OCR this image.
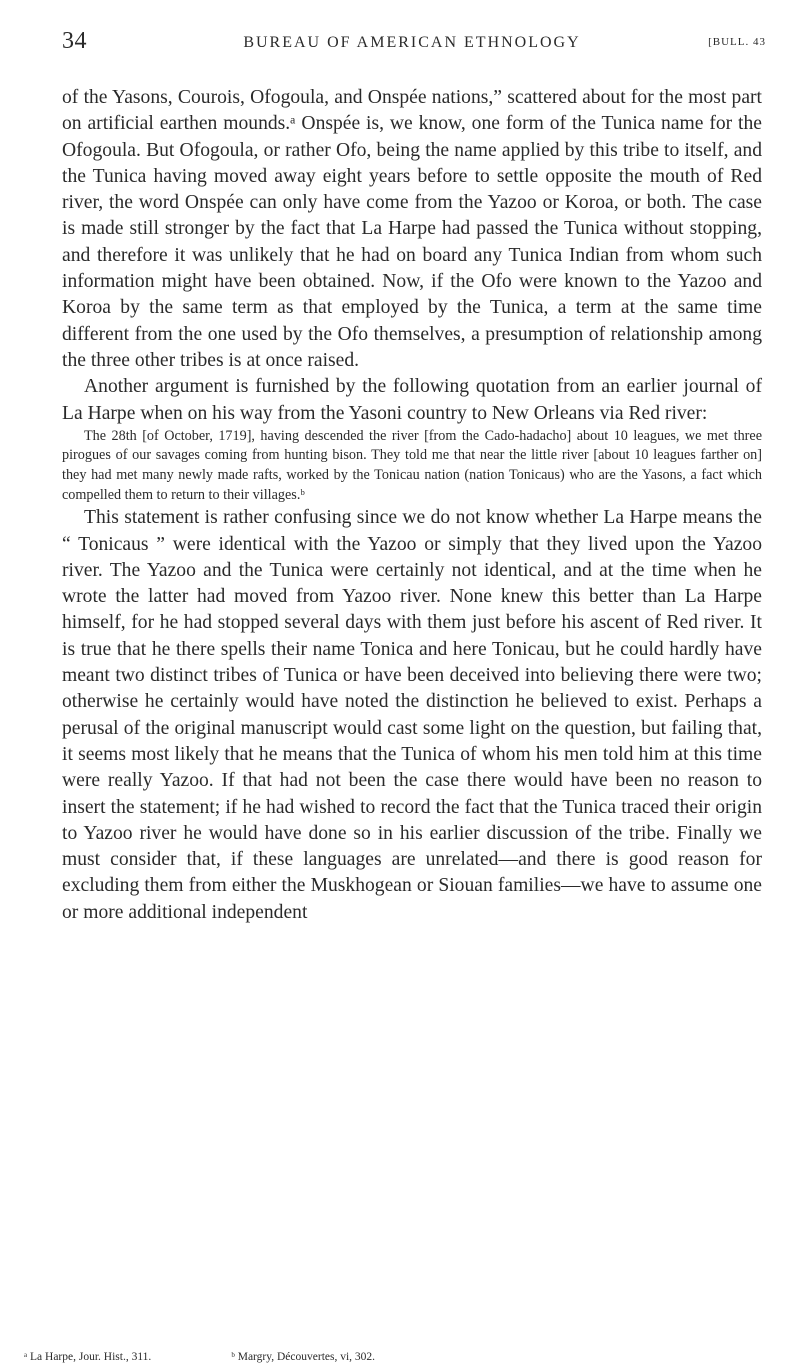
34	BUREAU OF AMERICAN ETHNOLOGY	[BULL. 43

of the Yasons, Courois, Ofogoula, and Onspée nations,” scattered about for the most part on artificial earthen mounds.ᵃ Onspée is, we know, one form of the Tunica name for the Ofogoula. But Ofogoula, or rather Ofo, being the name applied by this tribe to itself, and the Tunica having moved away eight years before to settle opposite the mouth of Red river, the word Onspée can only have come from the Yazoo or Koroa, or both. The case is made still stronger by the fact that La Harpe had passed the Tunica without stopping, and therefore it was unlikely that he had on board any Tunica Indian from whom such information might have been obtained. Now, if the Ofo were known to the Yazoo and Koroa by the same term as that employed by the Tunica, a term at the same time different from the one used by the Ofo themselves, a presumption of relationship among the three other tribes is at once raised.

Another argument is furnished by the following quotation from an earlier journal of La Harpe when on his way from the Yasoni country to New Orleans via Red river:

The 28th [of October, 1719], having descended the river [from the Cado-hadacho] about 10 leagues, we met three pirogues of our savages coming from hunting bison. They told me that near the little river [about 10 leagues farther on] they had met many newly made rafts, worked by the Tonicau nation (nation Tonicaus) who are the Yasons, a fact which compelled them to return to their villages.ᵇ

This statement is rather confusing since we do not know whether La Harpe means the “ Tonicaus ” were identical with the Yazoo or simply that they lived upon the Yazoo river. The Yazoo and the Tunica were certainly not identical, and at the time when he wrote the latter had moved from Yazoo river. None knew this better than La Harpe himself, for he had stopped several days with them just before his ascent of Red river. It is true that he there spells their name Tonica and here Tonicau, but he could hardly have meant two distinct tribes of Tunica or have been deceived into believing there were two; otherwise he certainly would have noted the distinction he believed to exist. Perhaps a perusal of the original manuscript would cast some light on the question, but failing that, it seems most likely that he means that the Tunica of whom his men told him at this time were really Yazoo. If that had not been the case there would have been no reason to insert the statement; if he had wished to record the fact that the Tunica traced their origin to Yazoo river he would have done so in his earlier discussion of the tribe. Finally we must consider that, if these languages are unrelated—and there is good reason for excluding them from either the Muskhogean or Siouan families—we have to assume one or more additional independent

ᵃ La Harpe, Jour. Hist., 311.	ᵇ Margry, Découvertes, vi, 302.
